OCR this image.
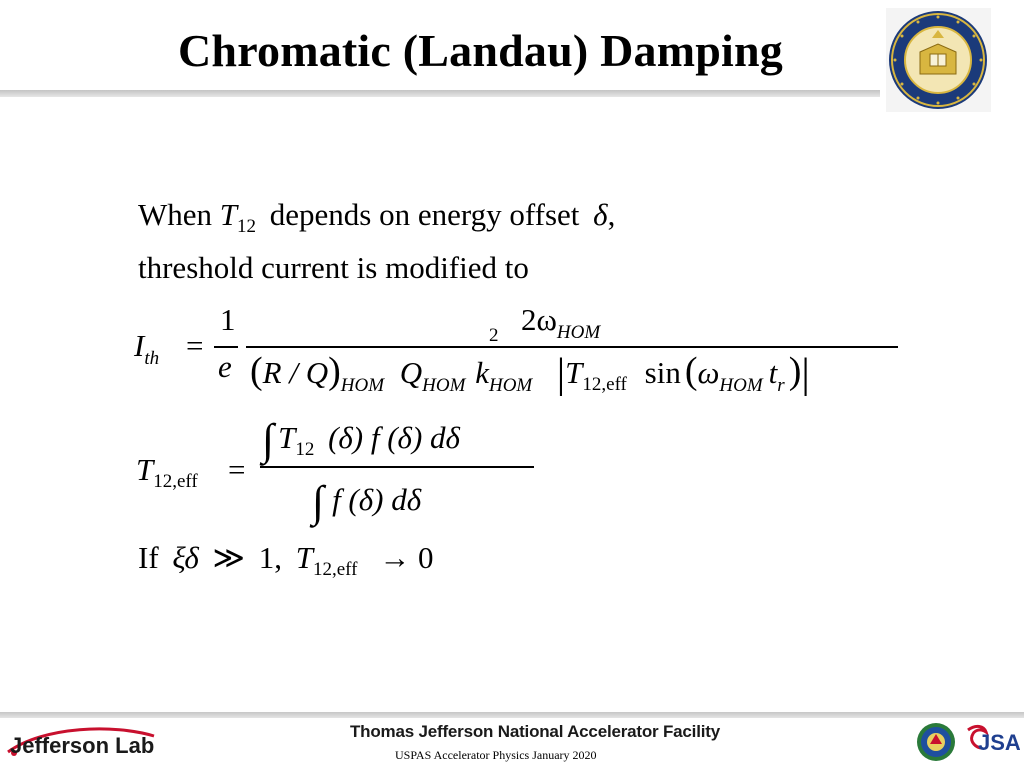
Chromatic (Landau) Damping
When $T_{12}$ depends on energy offset δ,
threshold current is modified to
$I_{th}$ =
1
e
$2\omega_{HOM}$
$(R / Q)_{HOM}$ $Q_{HOM}$ k
2
$_{HOM}$ $|T_{12,eff}$ $\sin (\omega_{HOM}$ $t_r$ )|
$T_{12,eff}$ =
∫ $T_{12}$ (δ) f (δ) dδ
∫ f (δ) dδ
If ξδ ≫ 1, $T_{12,eff} \to 0$
Jefferson Lab
Thomas Jefferson National Accelerator Facility
USPAS Accelerator Physics January 2020	JSA
